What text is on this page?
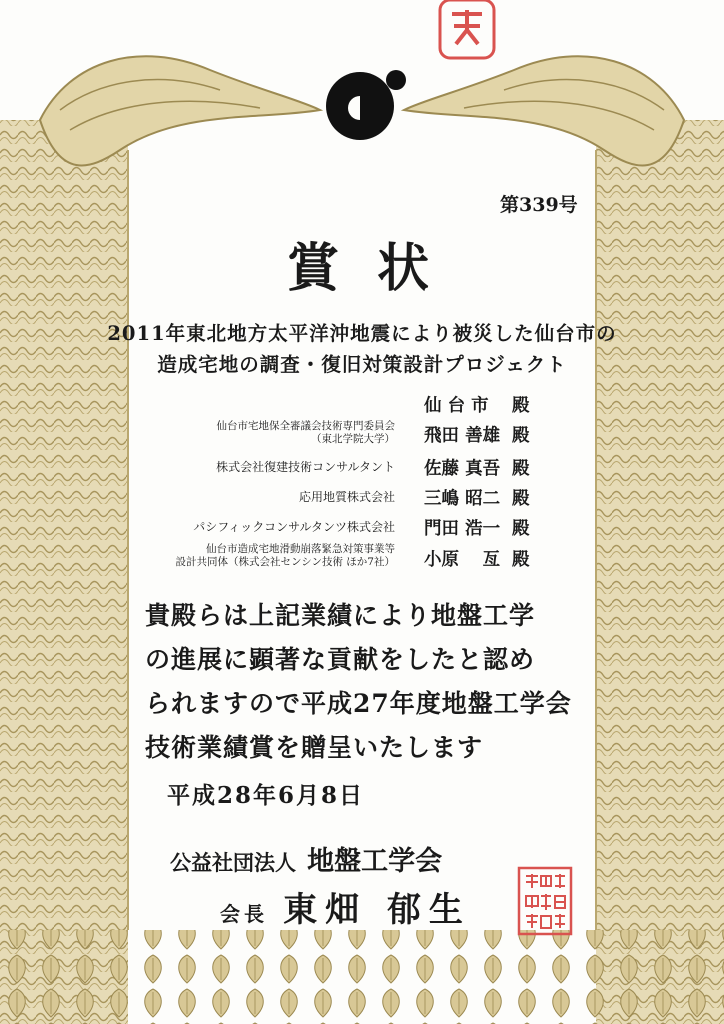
第339号
賞状
2011年東北地方太平洋沖地震により被災した仙台市の
造成宅地の調査・復旧対策設計プロジェクト
仙 台 市 殿
仙台市宅地保全審議会技術専門委員会
（東北学院大学） 飛田 善雄 殿
株式会社復建技術コンサルタント 佐藤 真吾 殿
応用地質株式会社 三嶋 昭二 殿
パシフィックコンサルタンツ株式会社 門田 浩一 殿
仙台市造成宅地滑動崩落緊急対策事業等
設計共同体（株式会社センシン技術 ほか7社） 小原　 亙 殿
貴殿らは上記業績により地盤工学
の進展に顕著な貢献をしたと認め
られますので平成27年度地盤工学会
技術業績賞を贈呈いたします
平成28年6月8日
公益社団法人 地盤工学会
会長 東畑 郁生
